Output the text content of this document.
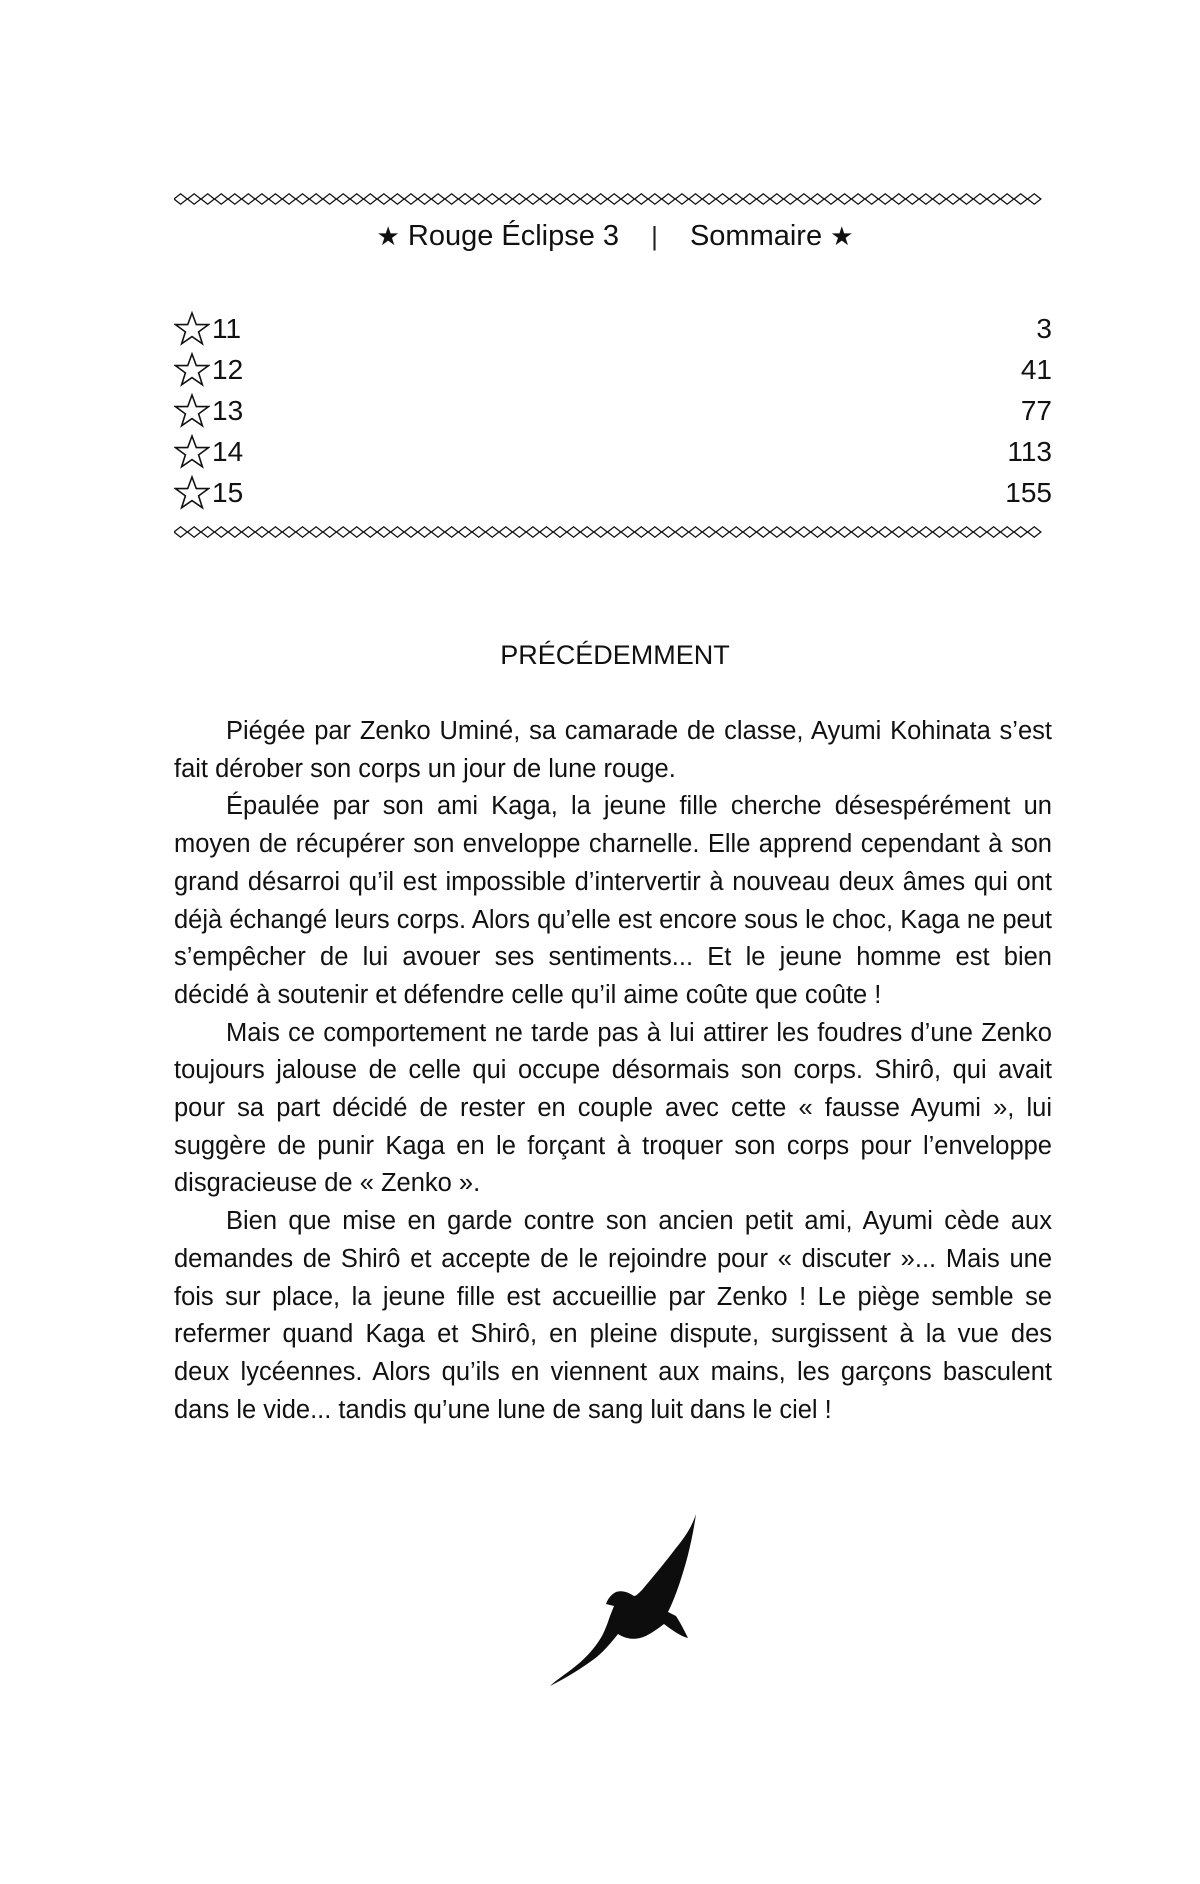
★ Rouge Éclipse 3 | Sommaire ★
11	3
12	41
13	77
14	113
15	155
PRÉCÉDEMMENT

Piégée par Zenko Uminé, sa camarade de classe, Ayumi Kohinata s’est fait dérober son corps un jour de lune rouge.

Épaulée par son ami Kaga, la jeune fille cherche désespérément un moyen de récupérer son enveloppe charnelle. Elle apprend cependant à son grand désarroi qu’il est impossible d’intervertir à nouveau deux âmes qui ont déjà échangé leurs corps. Alors qu’elle est encore sous le choc, Kaga ne peut s’empêcher de lui avouer ses sentiments... Et le jeune homme est bien décidé à soutenir et défendre celle qu’il aime coûte que coûte !

Mais ce comportement ne tarde pas à lui attirer les foudres d’une Zenko toujours jalouse de celle qui occupe désormais son corps. Shirô, qui avait pour sa part décidé de rester en couple avec cette « fausse Ayumi », lui suggère de punir Kaga en le forçant à troquer son corps pour l’enveloppe disgracieuse de « Zenko ».

Bien que mise en garde contre son ancien petit ami, Ayumi cède aux demandes de Shirô et accepte de le rejoindre pour « discuter »... Mais une fois sur place, la jeune fille est accueillie par Zenko ! Le piège semble se refermer quand Kaga et Shirô, en pleine dispute, surgissent à la vue des deux lycéennes. Alors qu’ils en viennent aux mains, les garçons basculent dans le vide... tandis qu’une lune de sang luit dans le ciel !
